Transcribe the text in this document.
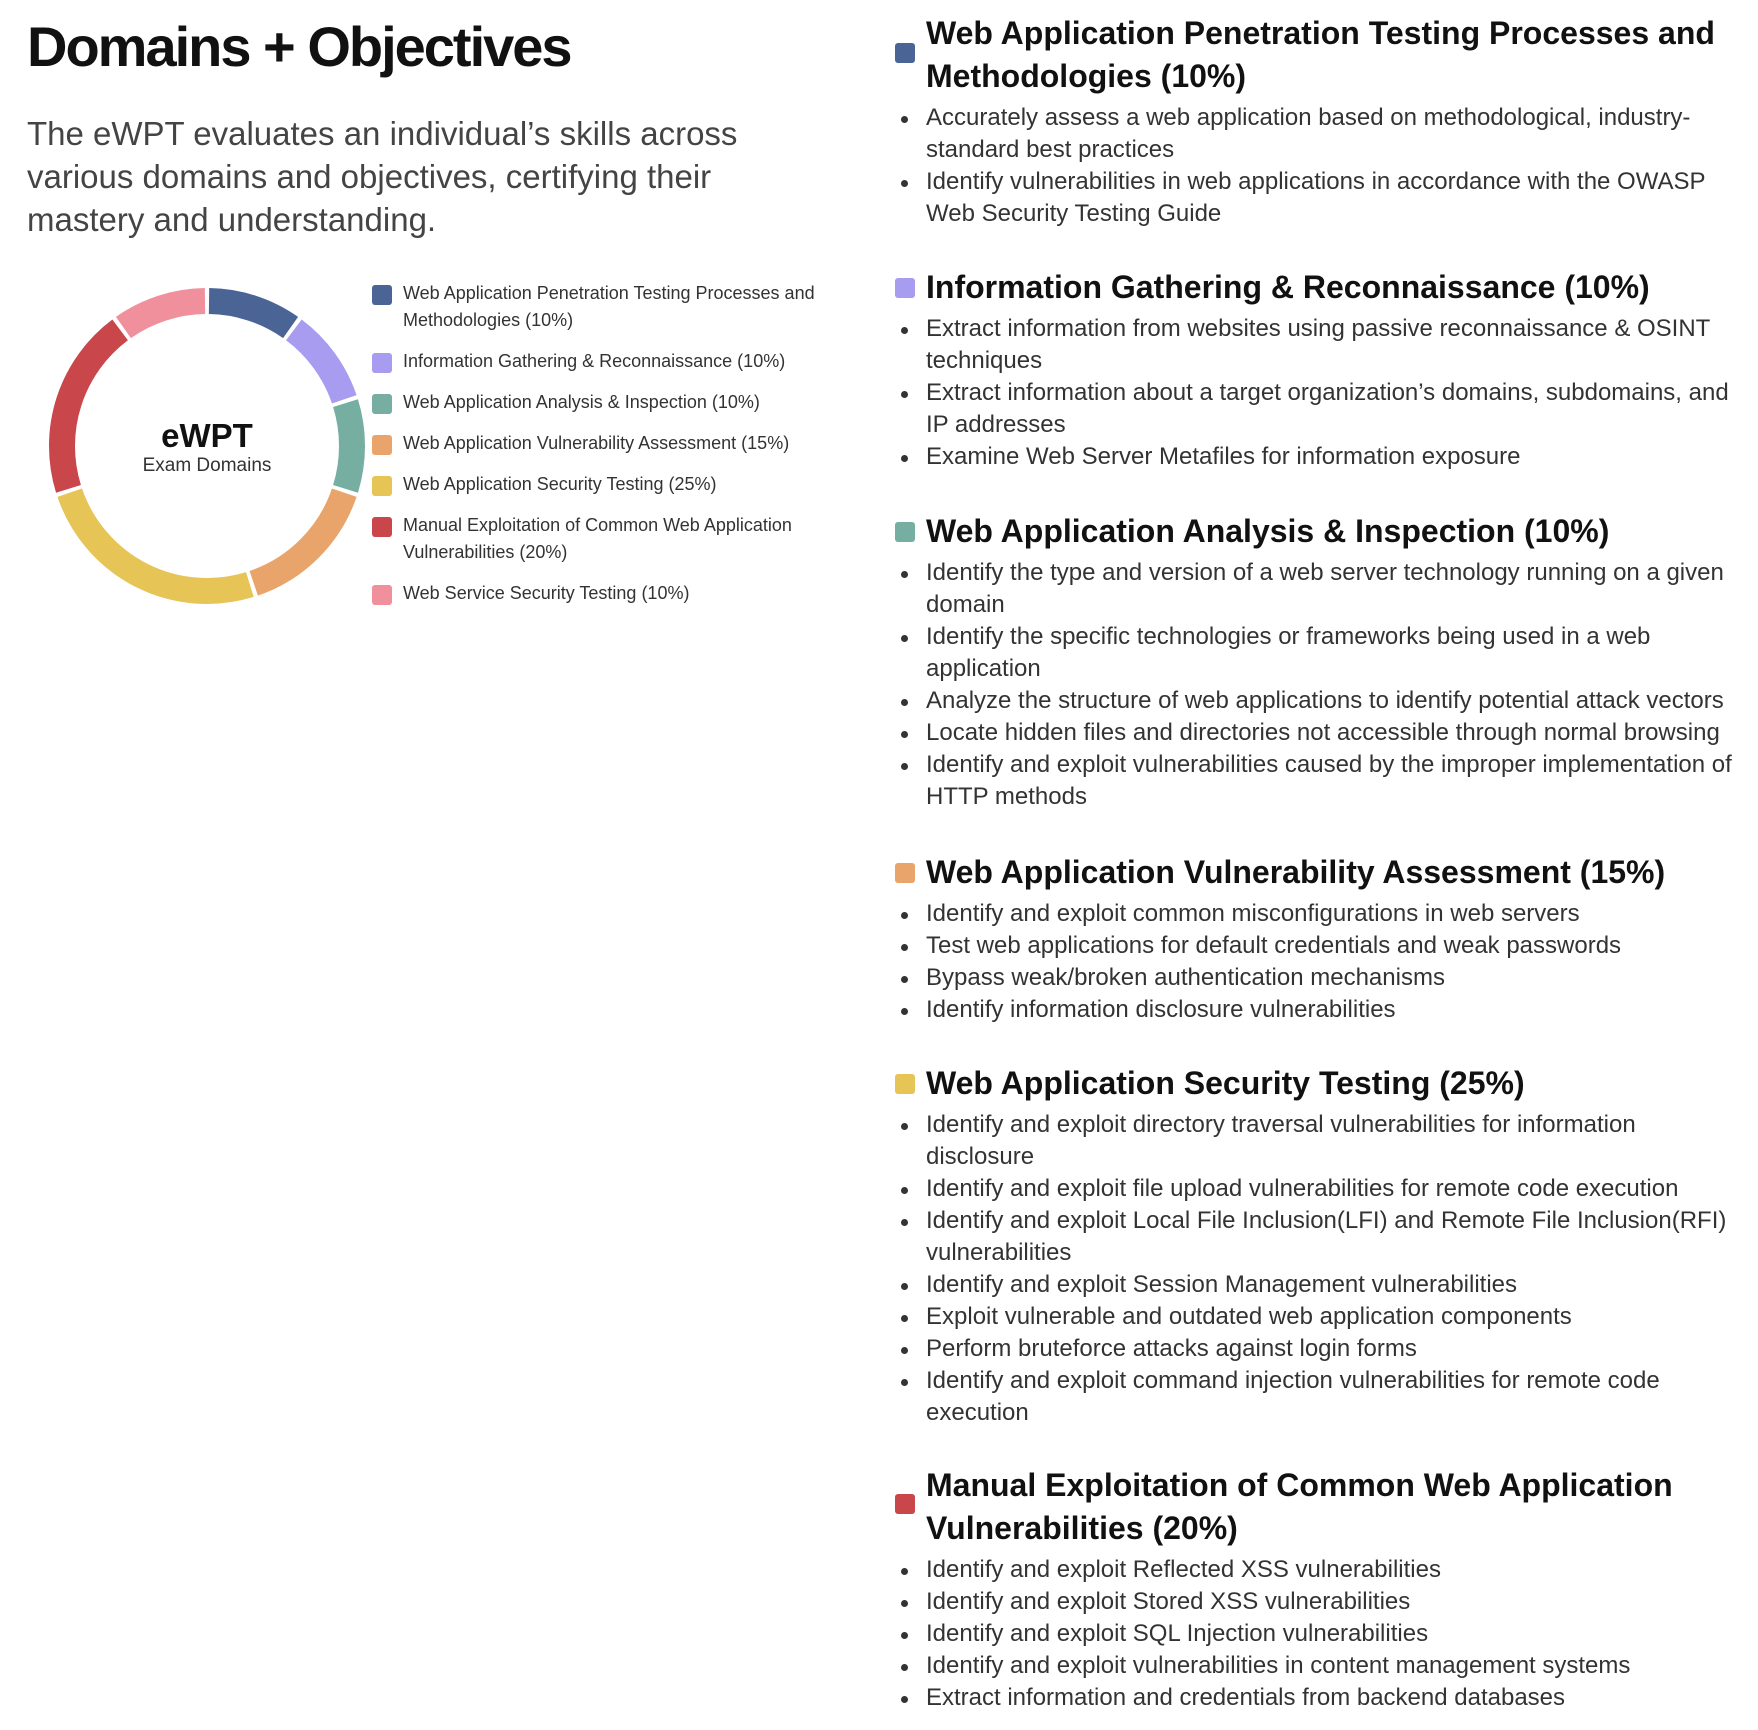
Domains + Objectives

The eWPT evaluates an individual’s skills across various domains and objectives, certifying their mastery and understanding.

eWPT
Exam Domains
Web Application Penetration Testing Processes and Methodologies (10%)
Information Gathering & Reconnaissance (10%)
Web Application Analysis & Inspection (10%)
Web Application Vulnerability Assessment (15%)
Web Application Security Testing (25%)
Manual Exploitation of Common Web Application Vulnerabilities (20%)
Web Service Security Testing (10%)
Web Application Penetration Testing Processes and Methodologies (10%)
Accurately assess a web application based on methodological, industry-standard best practices
Identify vulnerabilities in web applications in accordance with the OWASP Web Security Testing Guide
Information Gathering & Reconnaissance (10%)
Extract information from websites using passive reconnaissance & OSINT techniques
Extract information about a target organization’s domains, subdomains, and IP addresses
Examine Web Server Metafiles for information exposure
Web Application Analysis & Inspection (10%)
Identify the type and version of a web server technology running on a given domain
Identify the specific technologies or frameworks being used in a web application
Analyze the structure of web applications to identify potential attack vectors
Locate hidden files and directories not accessible through normal browsing
Identify and exploit vulnerabilities caused by the improper implementation of HTTP methods
Web Application Vulnerability Assessment (15%)
Identify and exploit common misconfigurations in web servers
Test web applications for default credentials and weak passwords
Bypass weak/broken authentication mechanisms
Identify information disclosure vulnerabilities
Web Application Security Testing (25%)
Identify and exploit directory traversal vulnerabilities for information disclosure
Identify and exploit file upload vulnerabilities for remote code execution
Identify and exploit Local File Inclusion(LFI) and Remote File Inclusion(RFI) vulnerabilities
Identify and exploit Session Management vulnerabilities
Exploit vulnerable and outdated web application components
Perform bruteforce attacks against login forms
Identify and exploit command injection vulnerabilities for remote code execution
Manual Exploitation of Common Web Application Vulnerabilities (20%)
Identify and exploit Reflected XSS vulnerabilities
Identify and exploit Stored XSS vulnerabilities
Identify and exploit SQL Injection vulnerabilities
Identify and exploit vulnerabilities in content management systems
Extract information and credentials from backend databases
